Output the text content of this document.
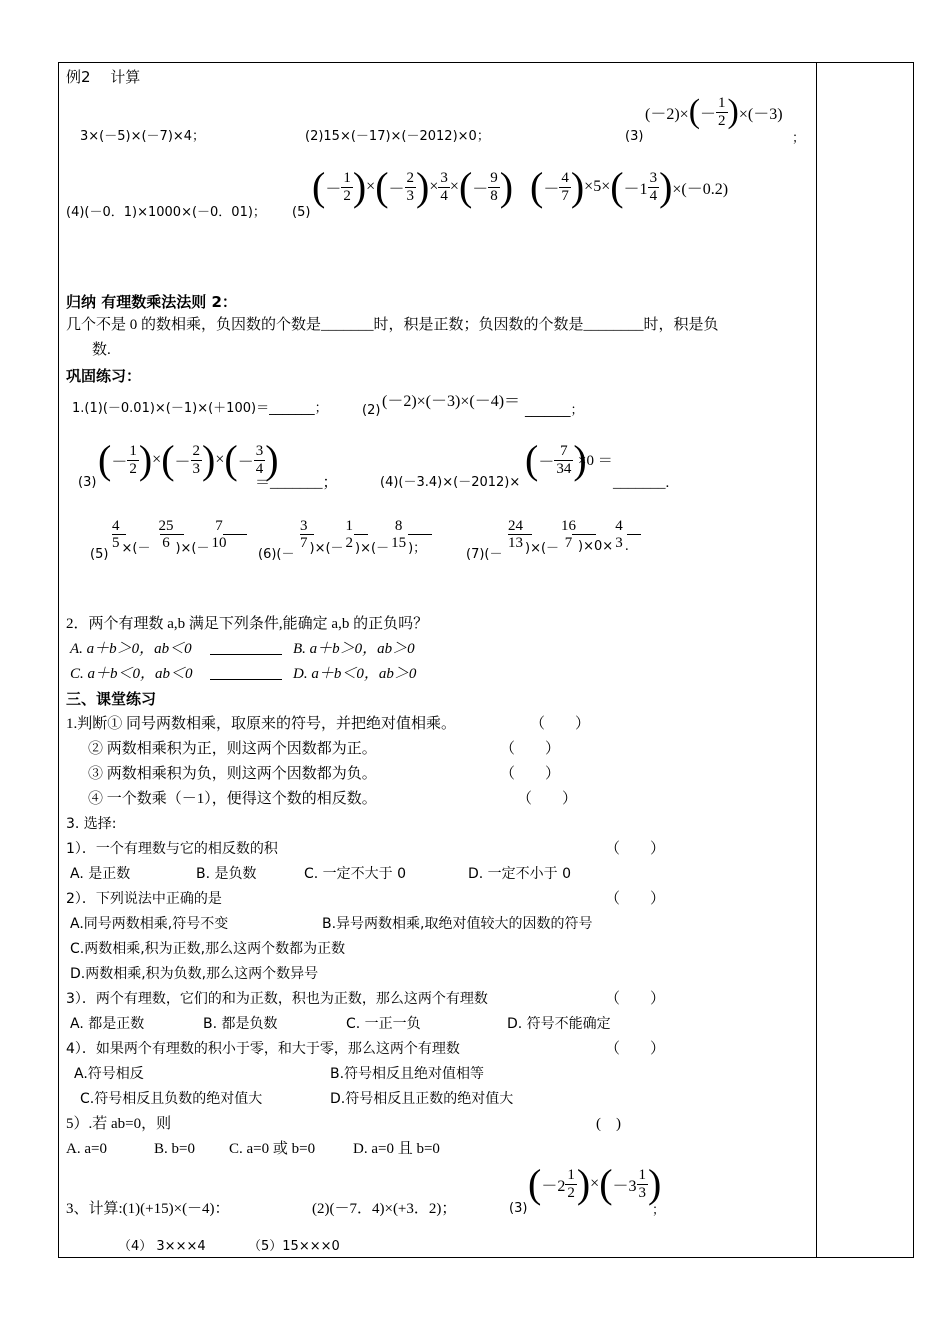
例2　 计算
3×(－5)×(－7)×4；	(2)15×(－17)×(－2012)×0；	(3)
(－2)× ( － $\frac{1}{2}$ ) ×(－3)
；
(4)(－0．1)×1000×(－0．01)； (5)
( － $\frac{1}{2}$ ) × ( － $\frac{2}{3}$ ) × $\frac{3}{4}$ × ( － $\frac{9}{8}$ ) ( － $\frac{4}{7}$ ) ×5× ( $-1 \frac{3}{4}$ ) ×(－0.2)
归纳 有理数乘法法则 2：
几个不是 0 的数相乘，负因数的个数是_______时，积是正数；负因数的个数是________时，积是负
数.
巩固练习：
1.(1)(－0.01)×(－1)×(＋100)＝_______；	(2)
(－2)×(－3)×(－4)＝
_______；
(3)
( － $\frac{1}{2}$ ) × ( － $\frac{2}{3}$ ) × ( － $\frac{3}{4}$ )
＝_______；	(4)(－3.4)×(－2012)×
( － $\frac{7}{34}$ )
×0 ＝
_______.
(5)
4
5 ×(－
25
6 )×(－
7
10
(6)(－
3
7 )×(－
1
2 )×(－
8
15 )；	(7)(－
24
13 )×(－
16
7 )×0×
4
3 .
2．两个有理数 a,b 满足下列条件,能确定 a,b 的正负吗？
A. a＋b＞0，ab＜0	B. a＋b＞0，ab＞0
C. a＋b＜0，ab＜0	D. a＋b＜0，ab＞0
三、课堂练习
1.判断① 同号两数相乘，取原来的符号，并把绝对值相乘。	（　　）
② 两数相乘积为正，则这两个因数都为正。	（　　）
③ 两数相乘积为负，则这两个因数都为负。	（　　）
④ 一个数乘（－1），便得这个数的相反数。	（　　）
3. 选择:
1）．一个有理数与它的相反数的积	（　　）
A. 是正数	B. 是负数	C. 一定不大于 0	D. 一定不小于 0
2）．下列说法中正确的是	（　　）
A.同号两数相乘,符号不变	B.异号两数相乘,取绝对值较大的因数的符号
C.两数相乘,积为正数,那么这两个数都为正数
D.两数相乘,积为负数,那么这两个数异号
3）．两个有理数，它们的和为正数，积也为正数，那么这两个有理数	（　　）
A. 都是正数	B. 都是负数	C. 一正一负	D. 符号不能确定
4）．如果两个有理数的积小于零，和大于零，那么这两个有理数	（　　）
A.符号相反	B.符号相反且绝对值相等
C.符号相反且负数的绝对值大	D.符号相反且正数的绝对值大
5）.若 ab=0，则	(　)
A. a=0	B. b=0 C. a=0 或 b=0	D. a=0 且 b=0
3、计算:(1)(+15)×(－4)：	(2)(－7．4)×(+3．2)；	(3)
( $-2 \frac{1}{2}$ ) × ( $-3 \frac{1}{3}$ )
；
（4） 3×××4	（5）15×××0
